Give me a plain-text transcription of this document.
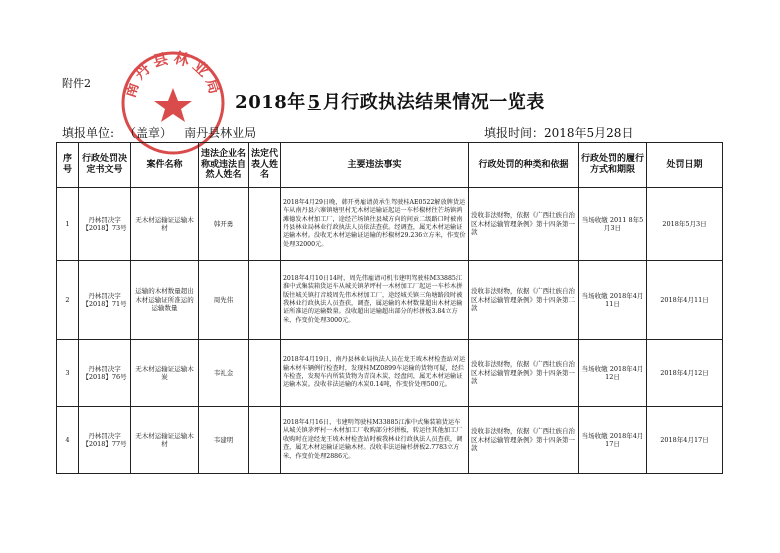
附件2 南丹县林业局
2018年 5 月行政执法结果情况一览表
填报单位: （盖章） 南丹县林业局	填报时间：2018年5月28日
序号	行政处罚决定书文号	案件名称	违法企业名称或违法自然人姓名	法定代表人姓名	主要违法事实	行政处罚的种类和依据	行政处罚的履行方式和期限	处罚日期
1	丹林罚决字【2018】73号	无木材运输证运输木材	韩开勇		2018年4月29日晚，韩开勇雇请黄承生驾驶桂AE0522解放牌货运车从南丹县六寨镇塘里村无木材运输证起运一车杉椒材往芒场镇鸿滩德发木材加工厂，途经芒场镇往县城方向的间贡二级路口时被南丹县林业局林业行政执法人员依法查获。经调查，属无木材运输证运输木材。没收无木材运输证运输的杉椒材29.236立方米，作变价处理32000元。	没收非法财物，依据《广西壮族自治区木材运输管理条例》第十四条第一款	当场收缴 2011 8年5月3日	2018年5月3日
2	丹林罚决字【2018】71号	运输的木材数量超出木材运输证所准运的运输数量	周先伟		2018年4月10日14时，周先伟雇请司机韦建明驾驶桂M33885江淮中式集装箱货运车从城关镇茅坪村一木材加工厂起运一车杉木拼版往城关镇打音坡周先伟木材加工厂，途经城关镇三角塘路段时被我林业行政执法人员查获，调查，属运输的木材数量超出木材运输证所准运的运输数量。没收超出运输超出部分的杉拼板3.84立方米，作变价处理3000元。	没收非法财物，依据《广西壮族自治区木材运输管理条例》第十四条第二款	当场收缴 2018年4月11日	2018年4月11日
3	丹林罚决字【2018】76号	无木材运输证运输木炭	韦礼金		2018年4月19日，南丹县林业局执法人员在龙王坡木材检查站对运输木材车辆例行检查时，发现桂MZ0899车运输的货物可疑，经拦车检查，发现车内所装货物为青岗木炭，经盘问，属无木材运输证运输木炭。没收非法运输的木炭0.14吨，作变价处理500元。	没收非法财物，依据《广西壮族自治区木材运输管理条例》第十四条第一款	当场收缴 2018年4月12日	2018年4月12日
4	丹林罚决字【2018】77号	无木材运输证运输木材	韦建明		2018年4月16日，韦建明驾驶桂M33885江淮中式集装箱货运车从城关镇茅坪村一木材加工厂收购部分杉拼板，转运往其他加工厂收购时在途经龙王坡木材检查站时被我林业行政执法人员查获，调查，属无木材运输证运输木材。没收非法运输杉拼板2.7783立方米，作变价处理2886元。	没收非法财物，依据《广西壮族自治区木材运输管理条例》第十四条第一款	当场收缴 2018年4月17日	2018年4月17日
